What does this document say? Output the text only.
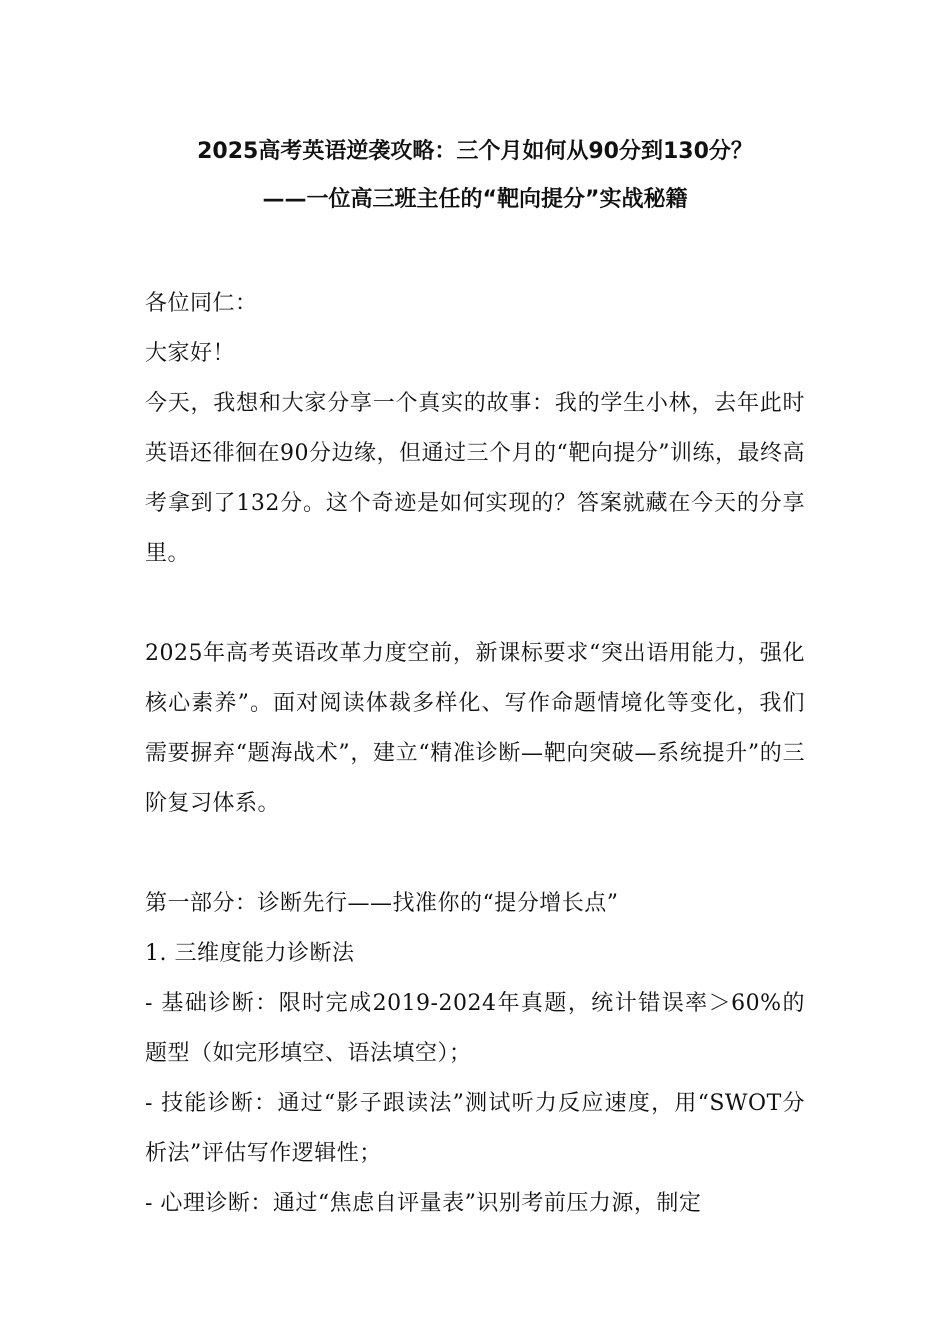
2025高考英语逆袭攻略：三个月如何从90分到130分？
——一位高三班主任的“靶向提分”实战秘籍

各位同仁：

大家好！

今天，我想和大家分享一个真实的故事：我的学生小林，去年此时英语还徘徊在90分边缘，但通过三个月的“靶向提分”训练，最终高考拿到了132分。这个奇迹是如何实现的？答案就藏在今天的分享里。

2025年高考英语改革力度空前，新课标要求“突出语用能力，强化核心素养”。面对阅读体裁多样化、写作命题情境化等变化，我们需要摒弃“题海战术”，建立“精准诊断—靶向突破—系统提升”的三阶复习体系。

第一部分：诊断先行——找准你的“提分增长点”

1. 三维度能力诊断法

- 基础诊断：限时完成2019-2024年真题，统计错误率＞60%的题型（如完形填空、语法填空）；

- 技能诊断：通过“影子跟读法”测试听力反应速度，用“SWOT分析法”评估写作逻辑性；

- 心理诊断：通过“焦虑自评量表”识别考前压力源，制定
